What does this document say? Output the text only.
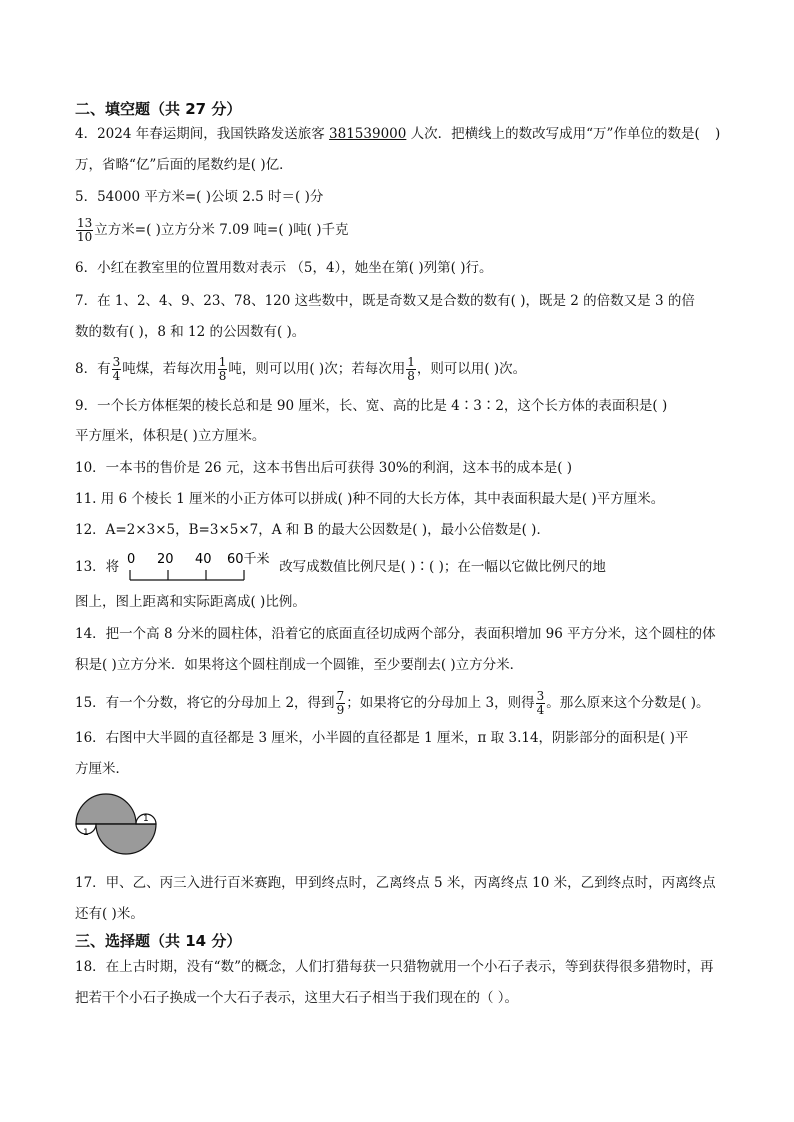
二、填空题（共 27 分）
4．2024 年春运期间，我国铁路发送旅客 381539000 人次．把横线上的数改写成用“万”作单位的数是( )
万，省略“亿”后面的尾数约是( )亿．
5．54000 平方米=( )公顷 2.5 时＝( )分
$\frac{13}{10}$ 立方米=( )立方分米 7.09 吨=( )吨( )千克
6．小红在教室里的位置用数对表示 （5，4），她坐在第( )列第( )行。
7．在 1、2、4、9、23、78、120 这些数中，既是奇数又是合数的数有( )，既是 2 的倍数又是 3 的倍
数的数有( )，8 和 12 的公因数有( )。
8．有 $\frac{3}{4}$ 吨煤，若每次用 $\frac{1}{8}$ 吨，则可以用( )次；若每次用 $\frac{1}{8}$ ，则可以用( )次。
9．一个长方体框架的棱长总和是 90 厘米，长、宽、高的比是 4∶3∶2，这个长方体的表面积是( )
平方厘米，体积是( )立方厘米。
10．一本书的售价是 26 元，这本书售出后可获得 30%的利润，这本书的成本是( )
11. 用 6 个棱长 1 厘米的小正方体可以拼成( )种不同的大长方体，其中表面积最大是( )平方厘米。
12．A=2×3×5，B=3×5×7，A 和 B 的最大公因数是( )，最小公倍数是( )．
13．将	改写成数值比例尺是( )∶( )；在一幅以它做比例尺的地
0 20 40 60千米
图上，图上距离和实际距离成( )比例。
14．把一个高 8 分米的圆柱体，沿着它的底面直径切成两个部分，表面积增加 96 平方分米，这个圆柱的体
积是( )立方分米．如果将这个圆柱削成一个圆锥，至少要削去( )立方分米．
15．有一个分数，将它的分母加上 2，得到 $\frac{7}{9}$ ；如果将它的分母加上 3，则得 $\frac{3}{4}$ 。那么原来这个分数是( )。
16．右图中大半圆的直径都是 3 厘米，小半圆的直径都是 1 厘米，π 取 3.14，阴影部分的面积是( )平
方厘米．
1
1
17．甲、乙、丙三入进行百米赛跑，甲到终点时，乙离终点 5 米，丙离终点 10 米，乙到终点时，丙离终点
还有( )米。
三、选择题（共 14 分）
18．在上古时期，没有“数”的概念，人们打猎每获一只猎物就用一个小石子表示，等到获得很多猎物时，再
把若干个小石子换成一个大石子表示，这里大石子相当于我们现在的（ ）。
